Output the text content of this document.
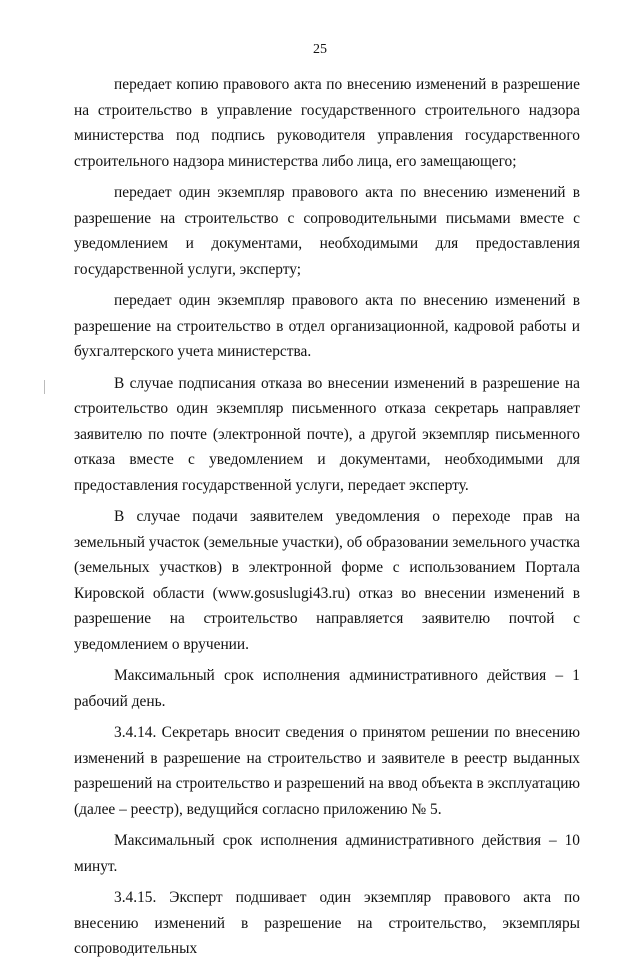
25

передает копию правового акта по внесению изменений в разрешение на строительство в управление государственного строительного надзора министерства под подпись руководителя управления государственного строительного надзора министерства либо лица, его замещающего;

передает один экземпляр правового акта по внесению изменений в разрешение на строительство с сопроводительными письмами вместе с уведомлением и документами, необходимыми для предоставления государственной услуги, эксперту;

передает один экземпляр правового акта по внесению изменений в разрешение на строительство в отдел организационной, кадровой работы и бухгалтерского учета министерства.

В случае подписания отказа во внесении изменений в разрешение на строительство один экземпляр письменного отказа секретарь направляет заявителю по почте (электронной почте), а другой экземпляр письменного отказа вместе с уведомлением и документами, необходимыми для предоставления государственной услуги, передает эксперту.

В случае подачи заявителем уведомления о переходе прав на земельный участок (земельные участки), об образовании земельного участка (земельных участков) в электронной форме с использованием Портала Кировской области (www.gosuslugi43.ru) отказ во внесении изменений в разрешение на строительство направляется заявителю почтой с уведомлением о вручении.

Максимальный срок исполнения административного действия – 1 рабочий день.

3.4.14. Секретарь вносит сведения о принятом решении по внесению изменений в разрешение на строительство и заявителе в реестр выданных разрешений на строительство и разрешений на ввод объекта в эксплуатацию (далее – реестр), ведущийся согласно приложению № 5.

Максимальный срок исполнения административного действия – 10 минут.

3.4.15. Эксперт подшивает один экземпляр правового акта по внесению изменений в разрешение на строительство, экземпляры сопроводительных
